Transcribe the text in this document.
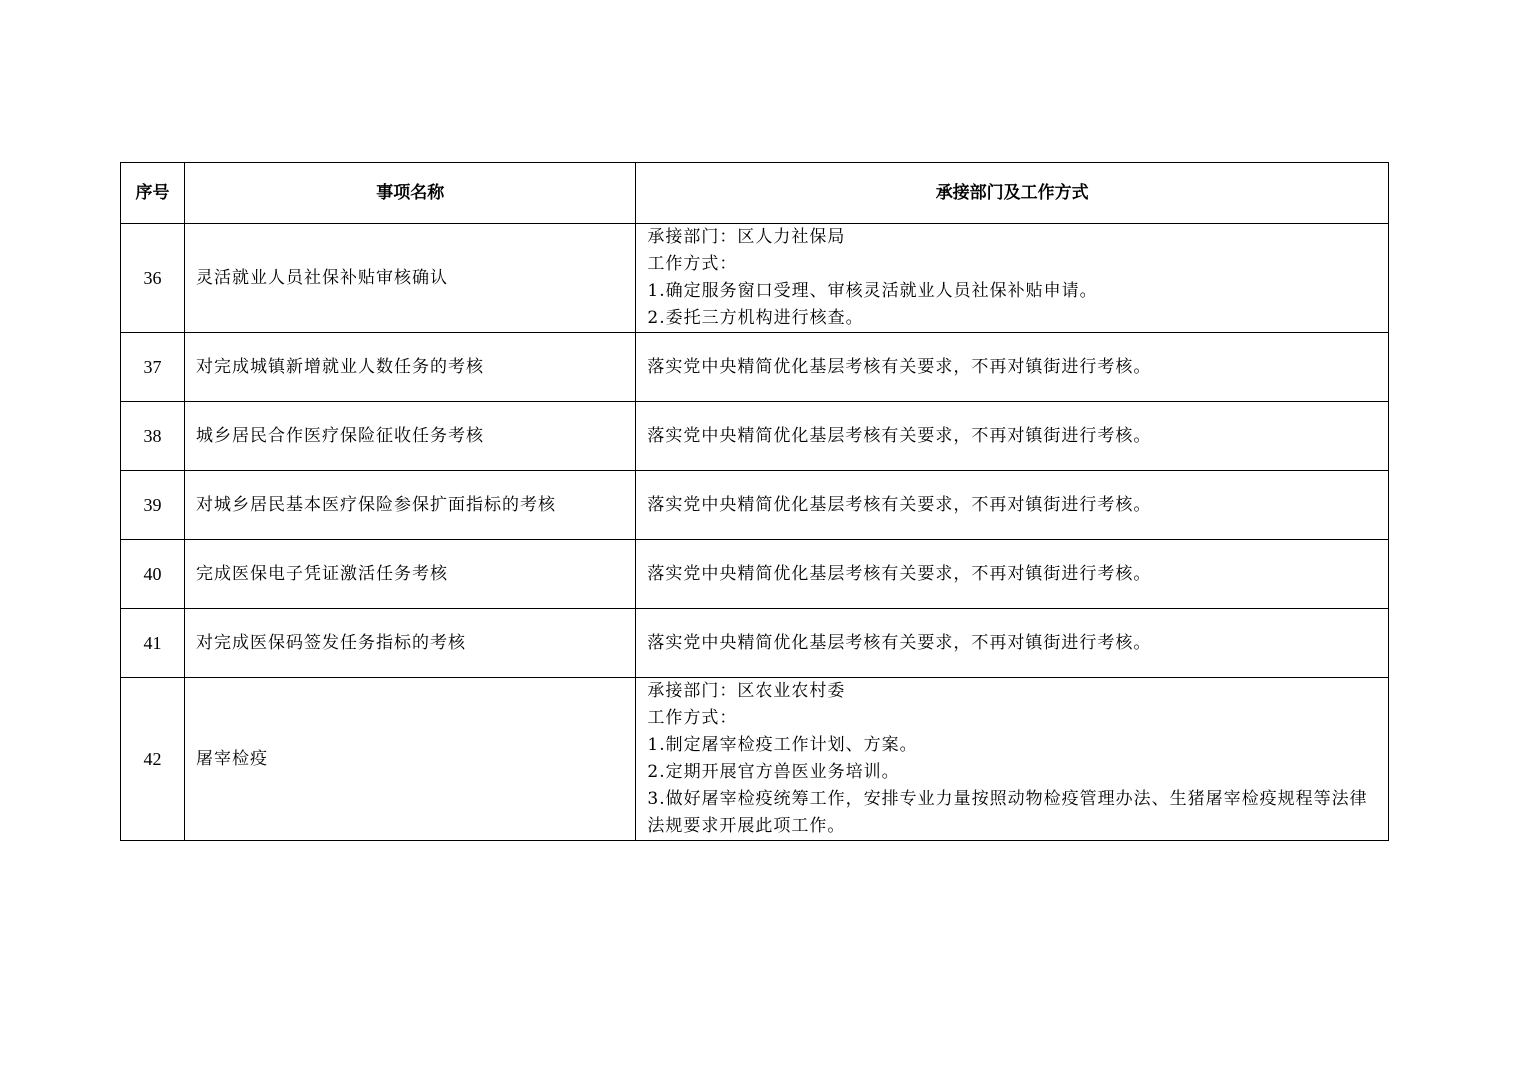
序号	事项名称	承接部门及工作方式
36	灵活就业人员社保补贴审核确认	承接部门：区人力社保局
工作方式：
1.确定服务窗口受理、审核灵活就业人员社保补贴申请。
2.委托三方机构进行核查。

37	对完成城镇新增就业人数任务的考核	落实党中央精简优化基层考核有关要求，不再对镇街进行考核。

38	城乡居民合作医疗保险征收任务考核	落实党中央精简优化基层考核有关要求，不再对镇街进行考核。

39	对城乡居民基本医疗保险参保扩面指标的考核	落实党中央精简优化基层考核有关要求，不再对镇街进行考核。

40	完成医保电子凭证激活任务考核	落实党中央精简优化基层考核有关要求，不再对镇街进行考核。

41	对完成医保码签发任务指标的考核	落实党中央精简优化基层考核有关要求，不再对镇街进行考核。

42	屠宰检疫	承接部门：区农业农村委
工作方式：
1.制定屠宰检疫工作计划、方案。
2.定期开展官方兽医业务培训。
3.做好屠宰检疫统筹工作，安排专业力量按照动物检疫管理办法、生猪屠宰检疫规程等法律法规要求开展此项工作。
